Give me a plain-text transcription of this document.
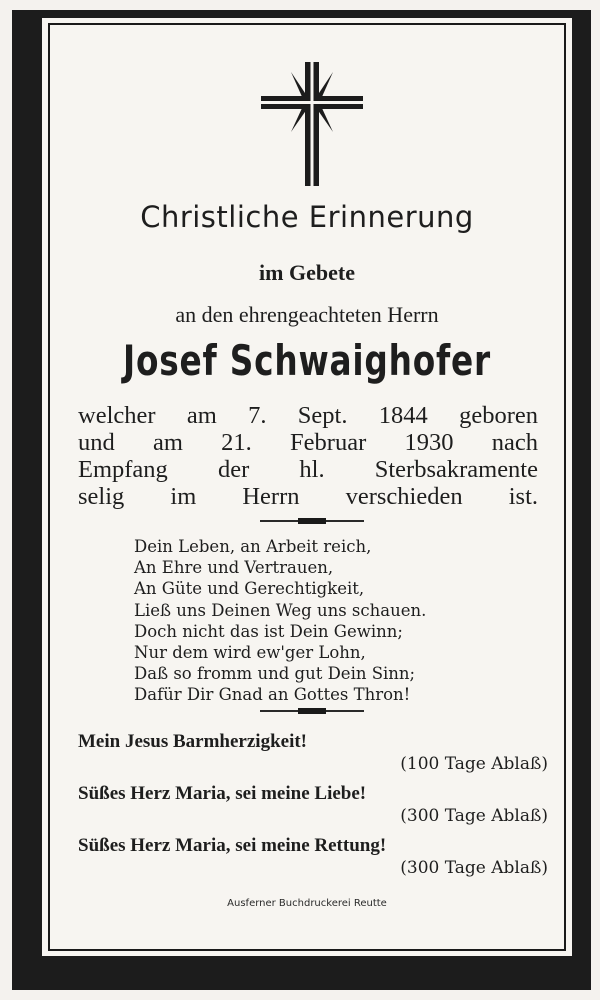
Christliche Erinnerung
im Gebete
an den ehrengeachteten Herrn
Josef Schwaighofer
welcher am 7. Sept. 1844 geboren
und am 21. Februar 1930 nach
Empfang der hl. Sterbsakramente
selig im Herrn verschieden ist.
Dein Leben, an Arbeit reich,
An Ehre und Vertrauen,
An Güte und Gerechtigkeit,
Ließ uns Deinen Weg uns schauen.
Doch nicht das ist Dein Gewinn;
Nur dem wird ew'ger Lohn,
Daß so fromm und gut Dein Sinn;
Dafür Dir Gnad an Gottes Thron!
Mein Jesus Barmherzigkeit!
(100 Tage Ablaß)
Süßes Herz Maria, sei meine Liebe!
(300 Tage Ablaß)
Süßes Herz Maria, sei meine Rettung!
(300 Tage Ablaß)
Ausferner Buchdruckerei Reutte
